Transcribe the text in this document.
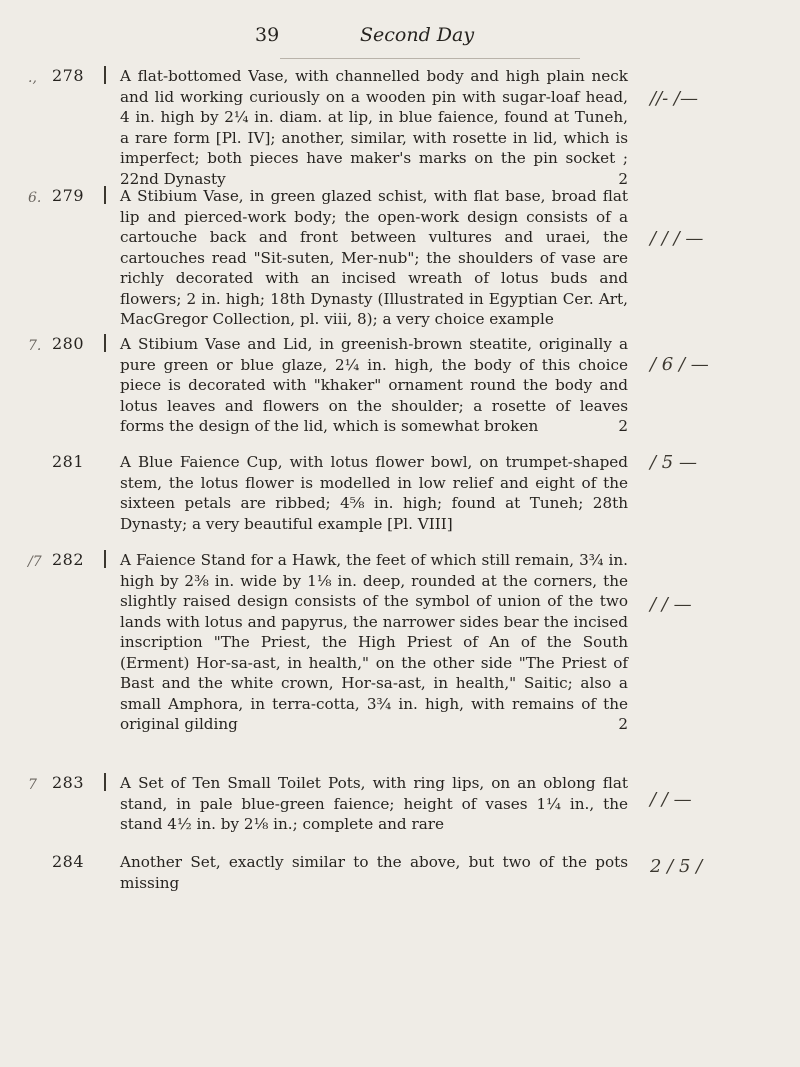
39	Second Day
., 278 A flat-bottomed Vase, with channelled body and high plain neck and lid working curiously on a wooden pin with sugar-loaf head, 4 in. high by 2¼ in. diam. at lip, in blue faience, found at Tuneh, a rare form [Pl. IV]; another, similar, with rosette in lid, which is imperfect; both pieces have maker's marks on the pin socket ; 22nd Dynasty	2
//- /—
6. 279 A Stibium Vase, in green glazed schist, with flat base, broad flat lip and pierced-work body; the open-work design consists of a cartouche back and front between vultures and uraei, the cartouches read "Sit-suten, Mer-nub"; the shoulders of vase are richly decorated with an incised wreath of lotus buds and flowers; 2 in. high; 18th Dynasty (Illustrated in Egyptian Cer. Art, MacGregor Collection, pl. viii, 8); a very choice example
/ / / —
7. 280 A Stibium Vase and Lid, in greenish-brown steatite, originally a pure green or blue glaze, 2¼ in. high, the body of this choice piece is decorated with "khaker" ornament round the body and lotus leaves and flowers on the shoulder; a rosette of leaves forms the design of the lid, which is somewhat broken	2
/ 6 / —
281 A Blue Faience Cup, with lotus flower bowl, on trumpet-shaped stem, the lotus flower is modelled in low relief and eight of the sixteen petals are ribbed; 4⅝ in. high; found at Tuneh; 28th Dynasty; a very beautiful example [Pl. VIII]
/ 5 —
/7 282 A Faience Stand for a Hawk, the feet of which still remain, 3¾ in. high by 2⅜ in. wide by 1⅛ in. deep, rounded at the corners, the slightly raised design consists of the symbol of union of the two lands with lotus and papyrus, the narrower sides bear the incised inscription "The Priest, the High Priest of An of the South (Erment) Hor-sa-ast, in health," on the other side "The Priest of Bast and the white crown, Hor-sa-ast, in health," Saitic; also a small Amphora, in terra-cotta, 3¾ in. high, with remains of the original gilding	2
/ / —
7 283 A Set of Ten Small Toilet Pots, with ring lips, on an oblong flat stand, in pale blue-green faience; height of vases 1¼ in., the stand 4½ in. by 2⅛ in.; complete and rare
/ / —
284 Another Set, exactly similar to the above, but two of the pots missing
2 / 5 /
